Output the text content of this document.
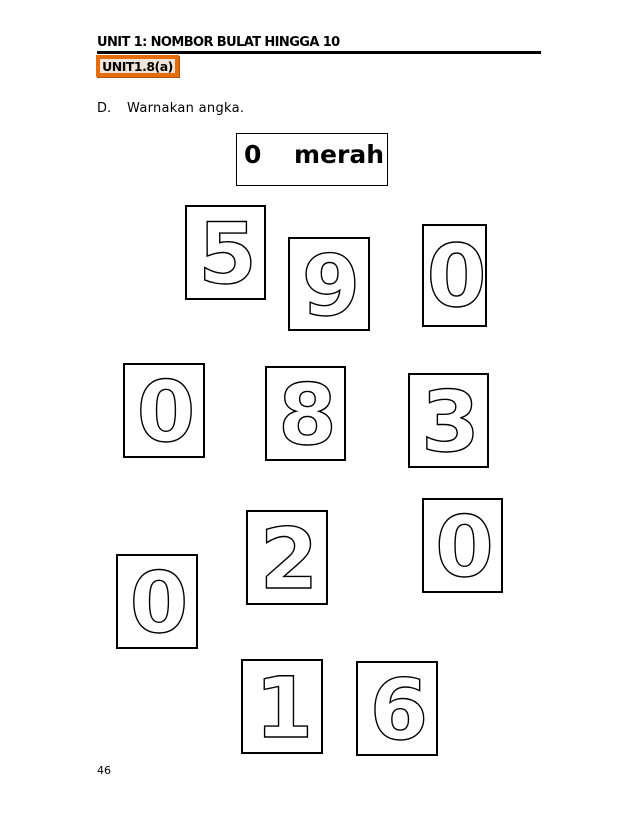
UNIT 1: NOMBOR BULAT HINGGA 10
UNIT1.8(a)
D. Warnakan angka.
0 merah
5 9 0
0 8 3
2 0
0
1 6
46
